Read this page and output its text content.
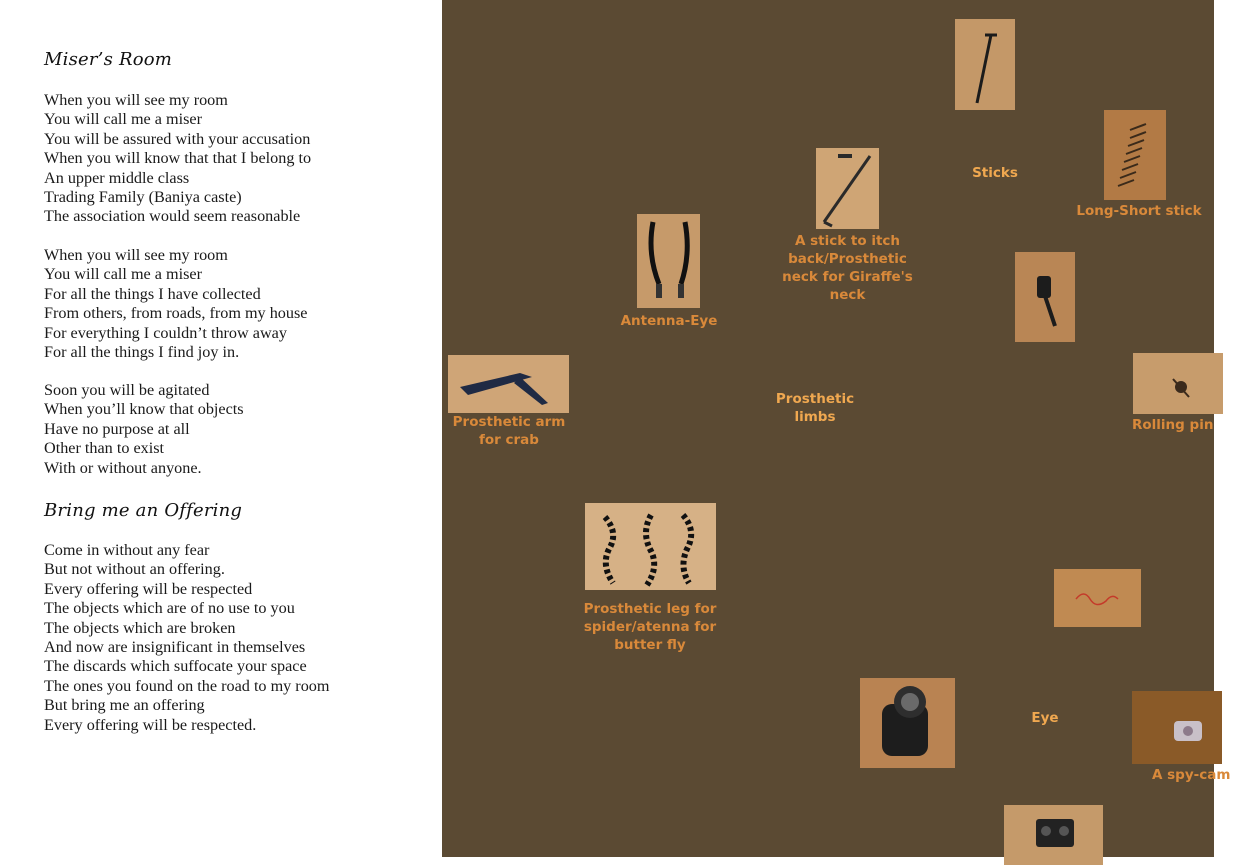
Miser’s Room
When you will see my room
You will call me a miser
You will be assured with your accusation
When you will know that that I belong to
An upper middle class
Trading Family (Baniya caste)
The association would seem reasonable
When you will see my room
You will call me a miser
For all the things I have collected
From others, from roads, from my house
For everything I couldn’t throw away
For all the things I find joy in.
Soon you will be agitated
When you’ll know that objects
Have no purpose at all
Other than to exist
With or without anyone.
Bring me an Offering
Come in without any fear
But not without an offering.
Every offering will be respected
The objects which are of no use to you
The objects which are broken
And now are insignificant in themselves
The discards which suffocate your space
The ones you found on the road to my room
But bring me an offering
Every offering will be respected.
Prosthetic
limbs
Sticks
Eye
Long-Short stick
A stick to itch
back/Prosthetic
neck for Giraffe's
neck
Antenna-Eye
Prosthetic arm
for crab
Rolling pin
Prosthetic leg for
spider/atenna for
butter fly
A spy-cam
